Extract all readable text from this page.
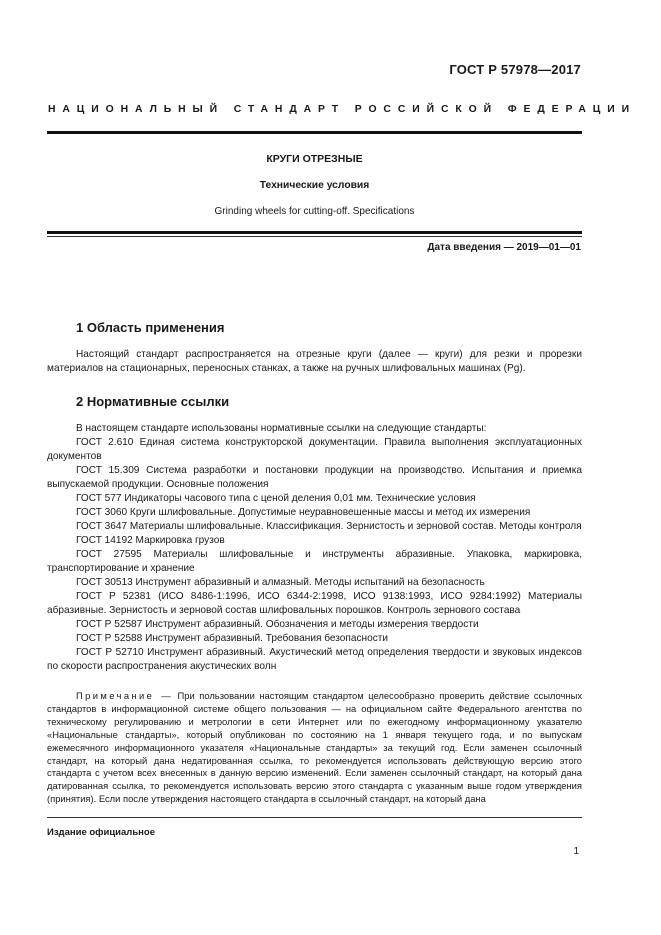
ГОСТ Р 57978—2017
НАЦИОНАЛЬНЫЙ СТАНДАРТ РОССИЙСКОЙ ФЕДЕРАЦИИ
КРУГИ ОТРЕЗНЫЕ
Технические условия
Grinding wheels for cutting-off. Specifications
Дата введения — 2019—01—01
1 Область применения

Настоящий стандарт распространяется на отрезные круги (далее — круги) для резки и прорезки материалов на стационарных, переносных станках, а также на ручных шлифовальных машинах (Pg).

2 Нормативные ссылки

В настоящем стандарте использованы нормативные ссылки на следующие стандарты:

ГОСТ 2.610 Единая система конструкторской документации. Правила выполнения эксплуатационных документов

ГОСТ 15.309 Система разработки и постановки продукции на производство. Испытания и приемка выпускаемой продукции. Основные положения

ГОСТ 577 Индикаторы часового типа с ценой деления 0,01 мм. Технические условия

ГОСТ 3060 Круги шлифовальные. Допустимые неуравновешенные массы и метод их измерения

ГОСТ 3647 Материалы шлифовальные. Классификация. Зернистость и зерновой состав. Методы контроля

ГОСТ 14192 Маркировка грузов

ГОСТ 27595 Материалы шлифовальные и инструменты абразивные. Упаковка, маркировка, транспортирование и хранение

ГОСТ 30513 Инструмент абразивный и алмазный. Методы испытаний на безопасность

ГОСТ Р 52381 (ИСО 8486-1:1996, ИСО 6344-2:1998, ИСО 9138:1993, ИСО 9284:1992) Материалы абразивные. Зернистость и зерновой состав шлифовальных порошков. Контроль зернового состава

ГОСТ Р 52587 Инструмент абразивный. Обозначения и методы измерения твердости

ГОСТ Р 52588 Инструмент абразивный. Требования безопасности

ГОСТ Р 52710 Инструмент абразивный. Акустический метод определения твердости и звуковых индексов по скорости распространения акустических волн

Примечание — При пользовании настоящим стандартом целесообразно проверить действие ссылочных стандартов в информационной системе общего пользования — на официальном сайте Федерального агентства по техническому регулированию и метрологии в сети Интернет или по ежегодному информационному указателю «Национальные стандарты», который опубликован по состоянию на 1 января текущего года, и по выпускам ежемесячного информационного указателя «Национальные стандарты» за текущий год. Если заменен ссылочный стандарт, на который дана недатированная ссылка, то рекомендуется использовать действующую версию этого стандарта с учетом всех внесенных в данную версию изменений. Если заменен ссылочный стандарт, на который дана датированная ссылка, то рекомендуется использовать версию этого стандарта с указанным выше годом утверждения (принятия). Если после утверждения настоящего стандарта в ссылочный стандарт, на который дана
Издание официальное
1
